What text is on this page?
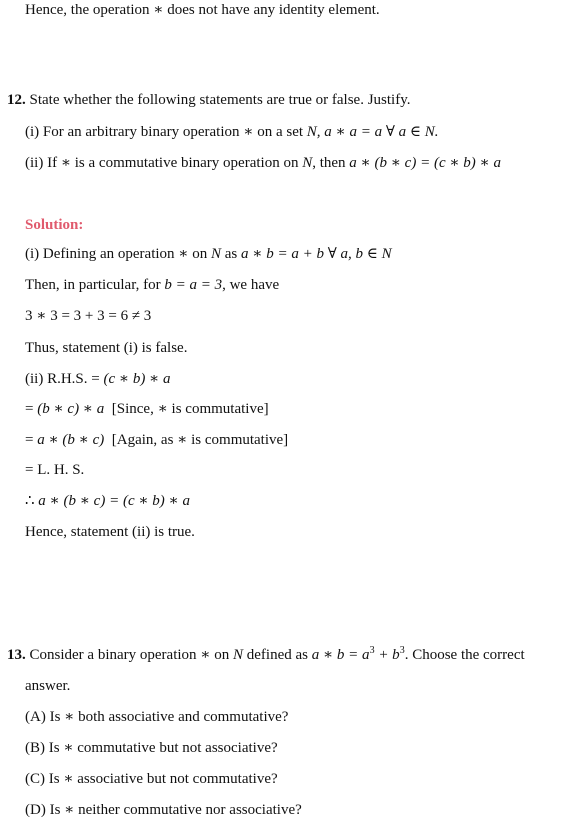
Hence, the operation ∗ does not have any identity element.
12. State whether the following statements are true or false. Justify.
(i) For an arbitrary binary operation ∗ on a set N, a ∗ a = a ∀ a ∈ N.
(ii) If ∗ is a commutative binary operation on N, then a ∗ (b ∗ c) = (c ∗ b) ∗ a
Solution:
(i) Defining an operation ∗ on N as a ∗ b = a + b ∀ a, b ∈ N
Then, in particular, for b = a = 3, we have
3 ∗ 3 = 3 + 3 = 6 ≠ 3
Thus, statement (i) is false.
(ii) R.H.S. = (c ∗ b) ∗ a
= (b ∗ c) ∗ a  [Since, ∗ is commutative]
= a ∗ (b ∗ c)  [Again, as ∗ is commutative]
= L. H. S.
∴ a ∗ (b ∗ c) = (c ∗ b) ∗ a
Hence, statement (ii) is true.
13. Consider a binary operation ∗ on N defined as a ∗ $b = a^3 + b^3$. Choose the correct
answer.
(A) Is ∗ both associative and commutative?
(B) Is ∗ commutative but not associative?
(C) Is ∗ associative but not commutative?
(D) Is ∗ neither commutative nor associative?
